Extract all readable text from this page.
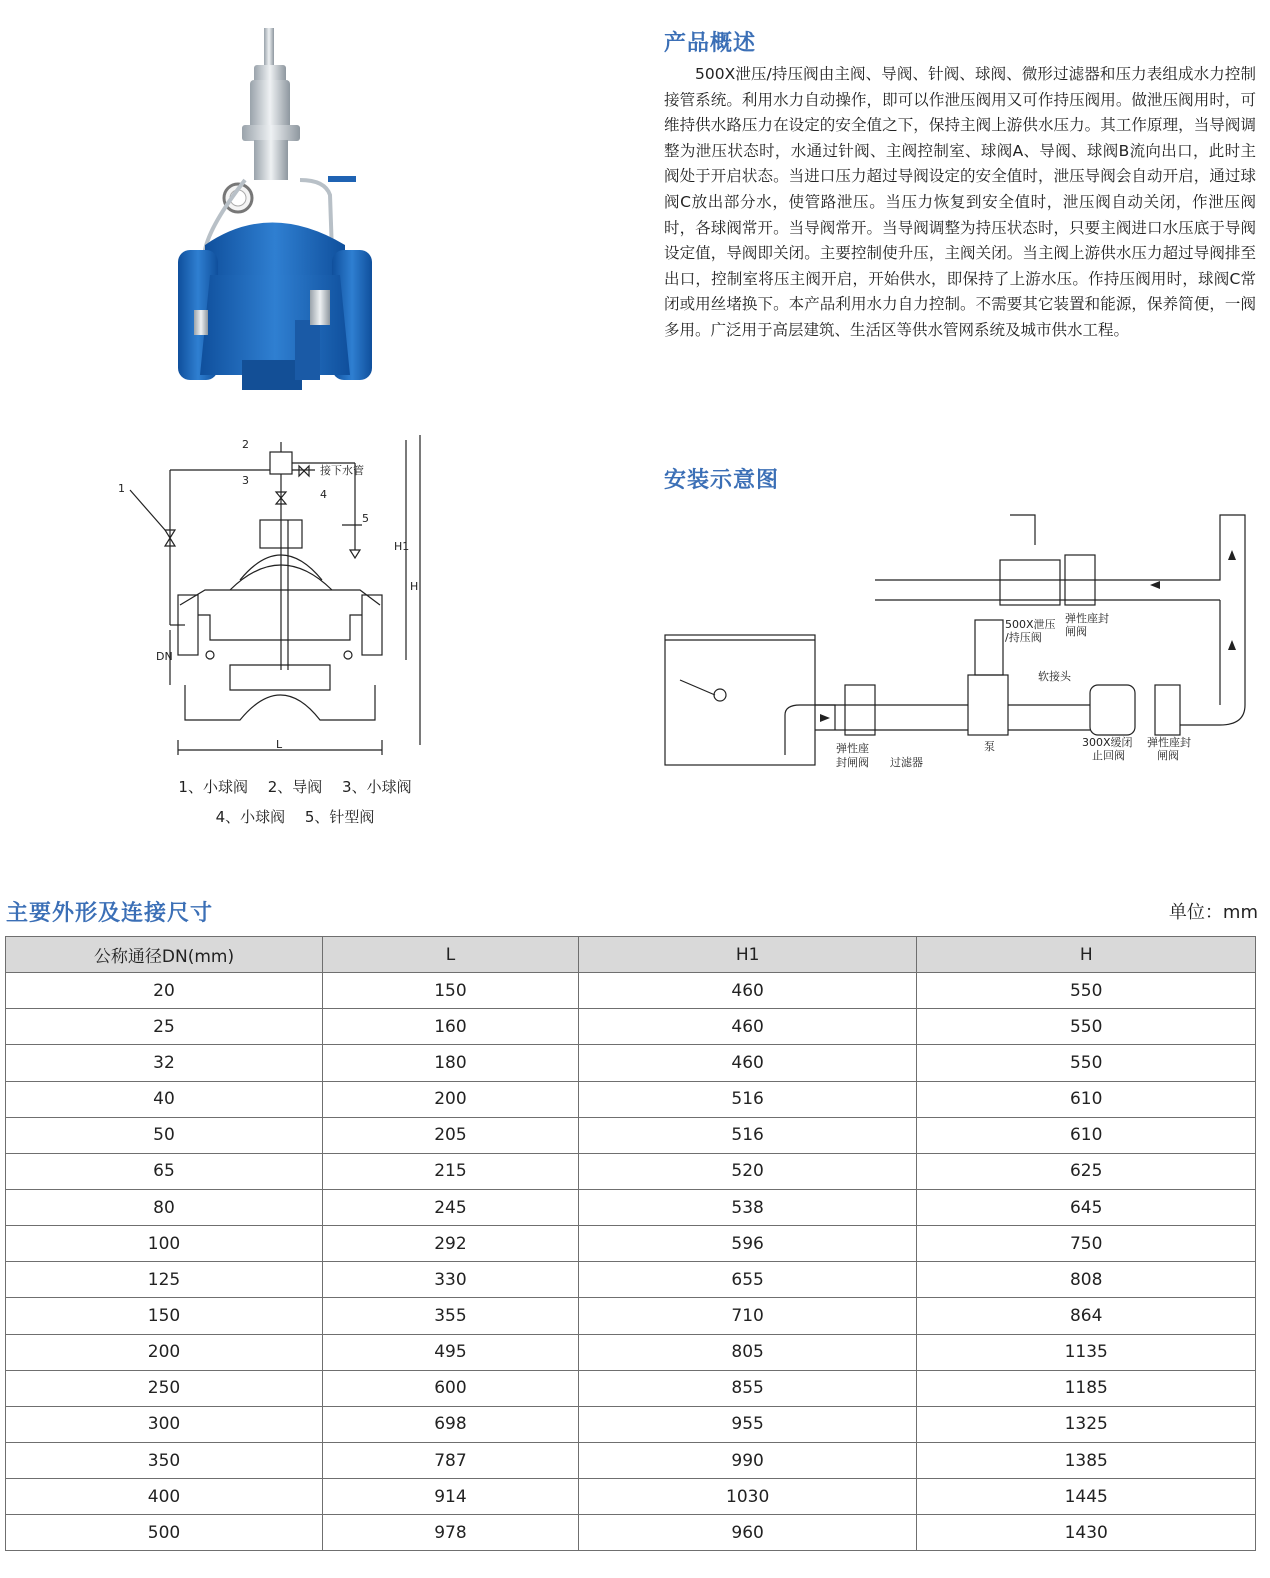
产品概述
500X泄压/持压阀由主阀、导阀、针阀、球阀、微形过滤器和压力表组成水力控制接管系统。利用水力自动操作，即可以作泄压阀用又可作持压阀用。做泄压阀用时，可维持供水路压力在设定的安全值之下，保持主阀上游供水压力。其工作原理，当导阀调整为泄压状态时，水通过针阀、主阀控制室、球阀A、导阀、球阀B流向出口，此时主阀处于开启状态。当进口压力超过导阀设定的安全值时，泄压导阀会自动开启，通过球阀C放出部分水，使管路泄压。当压力恢复到安全值时，泄压阀自动关闭，作泄压阀时，各球阀常开。当导阀常开。当导阀调整为持压状态时，只要主阀进口水压底于导阀设定值，导阀即关闭。主要控制使升压，主阀关闭。当主阀上游供水压力超过导阀排至出口，控制室将压主阀开启，开始供水，即保持了上游水压。作持压阀用时，球阀C常闭或用丝堵换下。本产品利用水力自力控制。不需要其它装置和能源，保养简便，一阀多用。广泛用于高层建筑、生活区等供水管网系统及城市供水工程。
1
2
3
4
5
接下水管
DN
L
H1
H
1、小球阀　 2、导阀　 3、小球阀
4、小球阀　 5、针型阀
安装示意图
500X泄压
/持压阀
弹性座封
闸阀
泵
软接头
弹性座
封闸阀 过滤器
300X缓闭
止回阀
弹性座封
闸阀
主要外形及连接尺寸	单位：mm
公称通径DN(mm)	L	H1	H
20	150	460	550
25	160	460	550
32	180	460	550
40	200	516	610
50	205	516	610
65	215	520	625
80	245	538	645
100	292	596	750
125	330	655	808
150	355	710	864
200	495	805	1135
250	600	855	1185
300	698	955	1325
350	787	990	1385
400	914	1030	1445
500	978	960	1430
